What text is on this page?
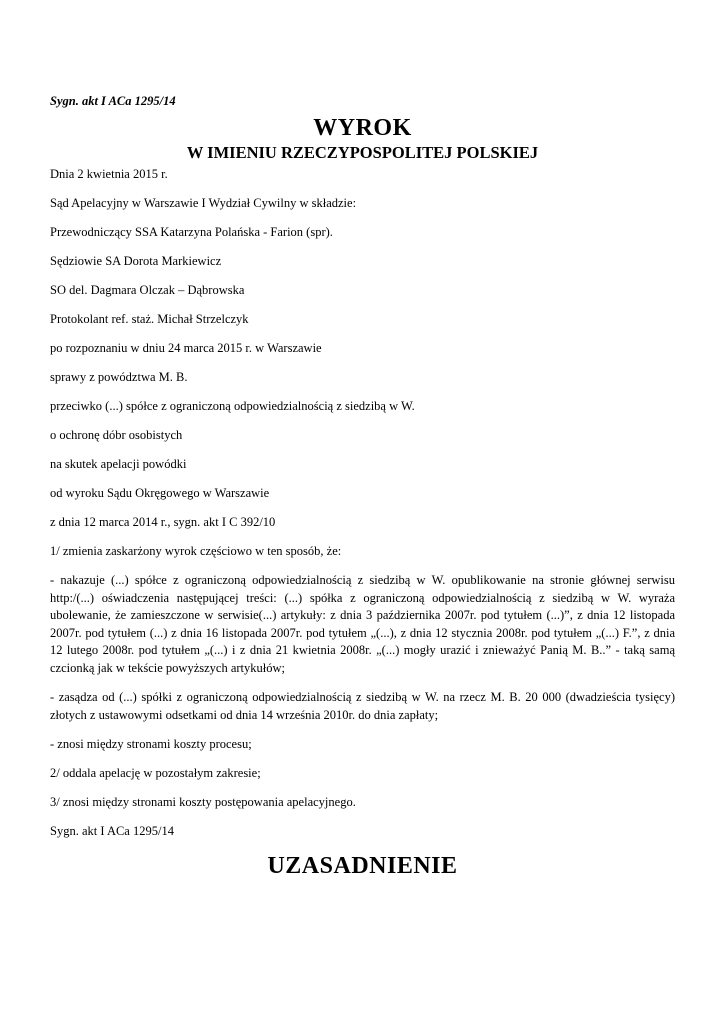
Sygn. akt I ACa 1295/14

WYROK
W IMIENIU RZECZYPOSPOLITEJ POLSKIEJ

Dnia 2 kwietnia 2015 r.

Sąd Apelacyjny w Warszawie I Wydział Cywilny w składzie:

Przewodniczący SSA Katarzyna Polańska - Farion (spr).

Sędziowie SA Dorota Markiewicz

SO del. Dagmara Olczak – Dąbrowska

Protokolant ref. staż. Michał Strzelczyk

po rozpoznaniu w dniu 24 marca 2015 r. w Warszawie

sprawy z powództwa M. B.

przeciwko (...) spółce z ograniczoną odpowiedzialnością z siedzibą w W.

o ochronę dóbr osobistych

na skutek apelacji powódki

od wyroku Sądu Okręgowego w Warszawie

z dnia 12 marca 2014 r., sygn. akt I C 392/10

1/ zmienia zaskarżony wyrok częściowo w ten sposób, że:

- nakazuje (...) spółce z ograniczoną odpowiedzialnością z siedzibą w W. opublikowanie na stronie głównej serwisu http:/(...) oświadczenia następującej treści: (...) spółka z ograniczoną odpowiedzialnością z siedzibą w W. wyraża ubolewanie, że zamieszczone w serwisie(...) artykuły: z dnia 3 października 2007r. pod tytułem (...)”, z dnia 12 listopada 2007r. pod tytułem (...) z dnia 16 listopada 2007r. pod tytułem „(...), z dnia 12 stycznia 2008r. pod tytułem „(...) F.”, z dnia 12 lutego 2008r. pod tytułem „(...) i z dnia 21 kwietnia 2008r. „(...) mogły urazić i znieważyć Panią M. B..” - taką samą czcionką jak w tekście powyższych artykułów;

- zasądza od (...) spółki z ograniczoną odpowiedzialnością z siedzibą w W. na rzecz M. B. 20 000 (dwadzieścia tysięcy) złotych z ustawowymi odsetkami od dnia 14 września 2010r. do dnia zapłaty;

- znosi między stronami koszty procesu;

2/ oddala apelację w pozostałym zakresie;

3/ znosi między stronami koszty postępowania apelacyjnego.

Sygn. akt I ACa 1295/14

UZASADNIENIE
